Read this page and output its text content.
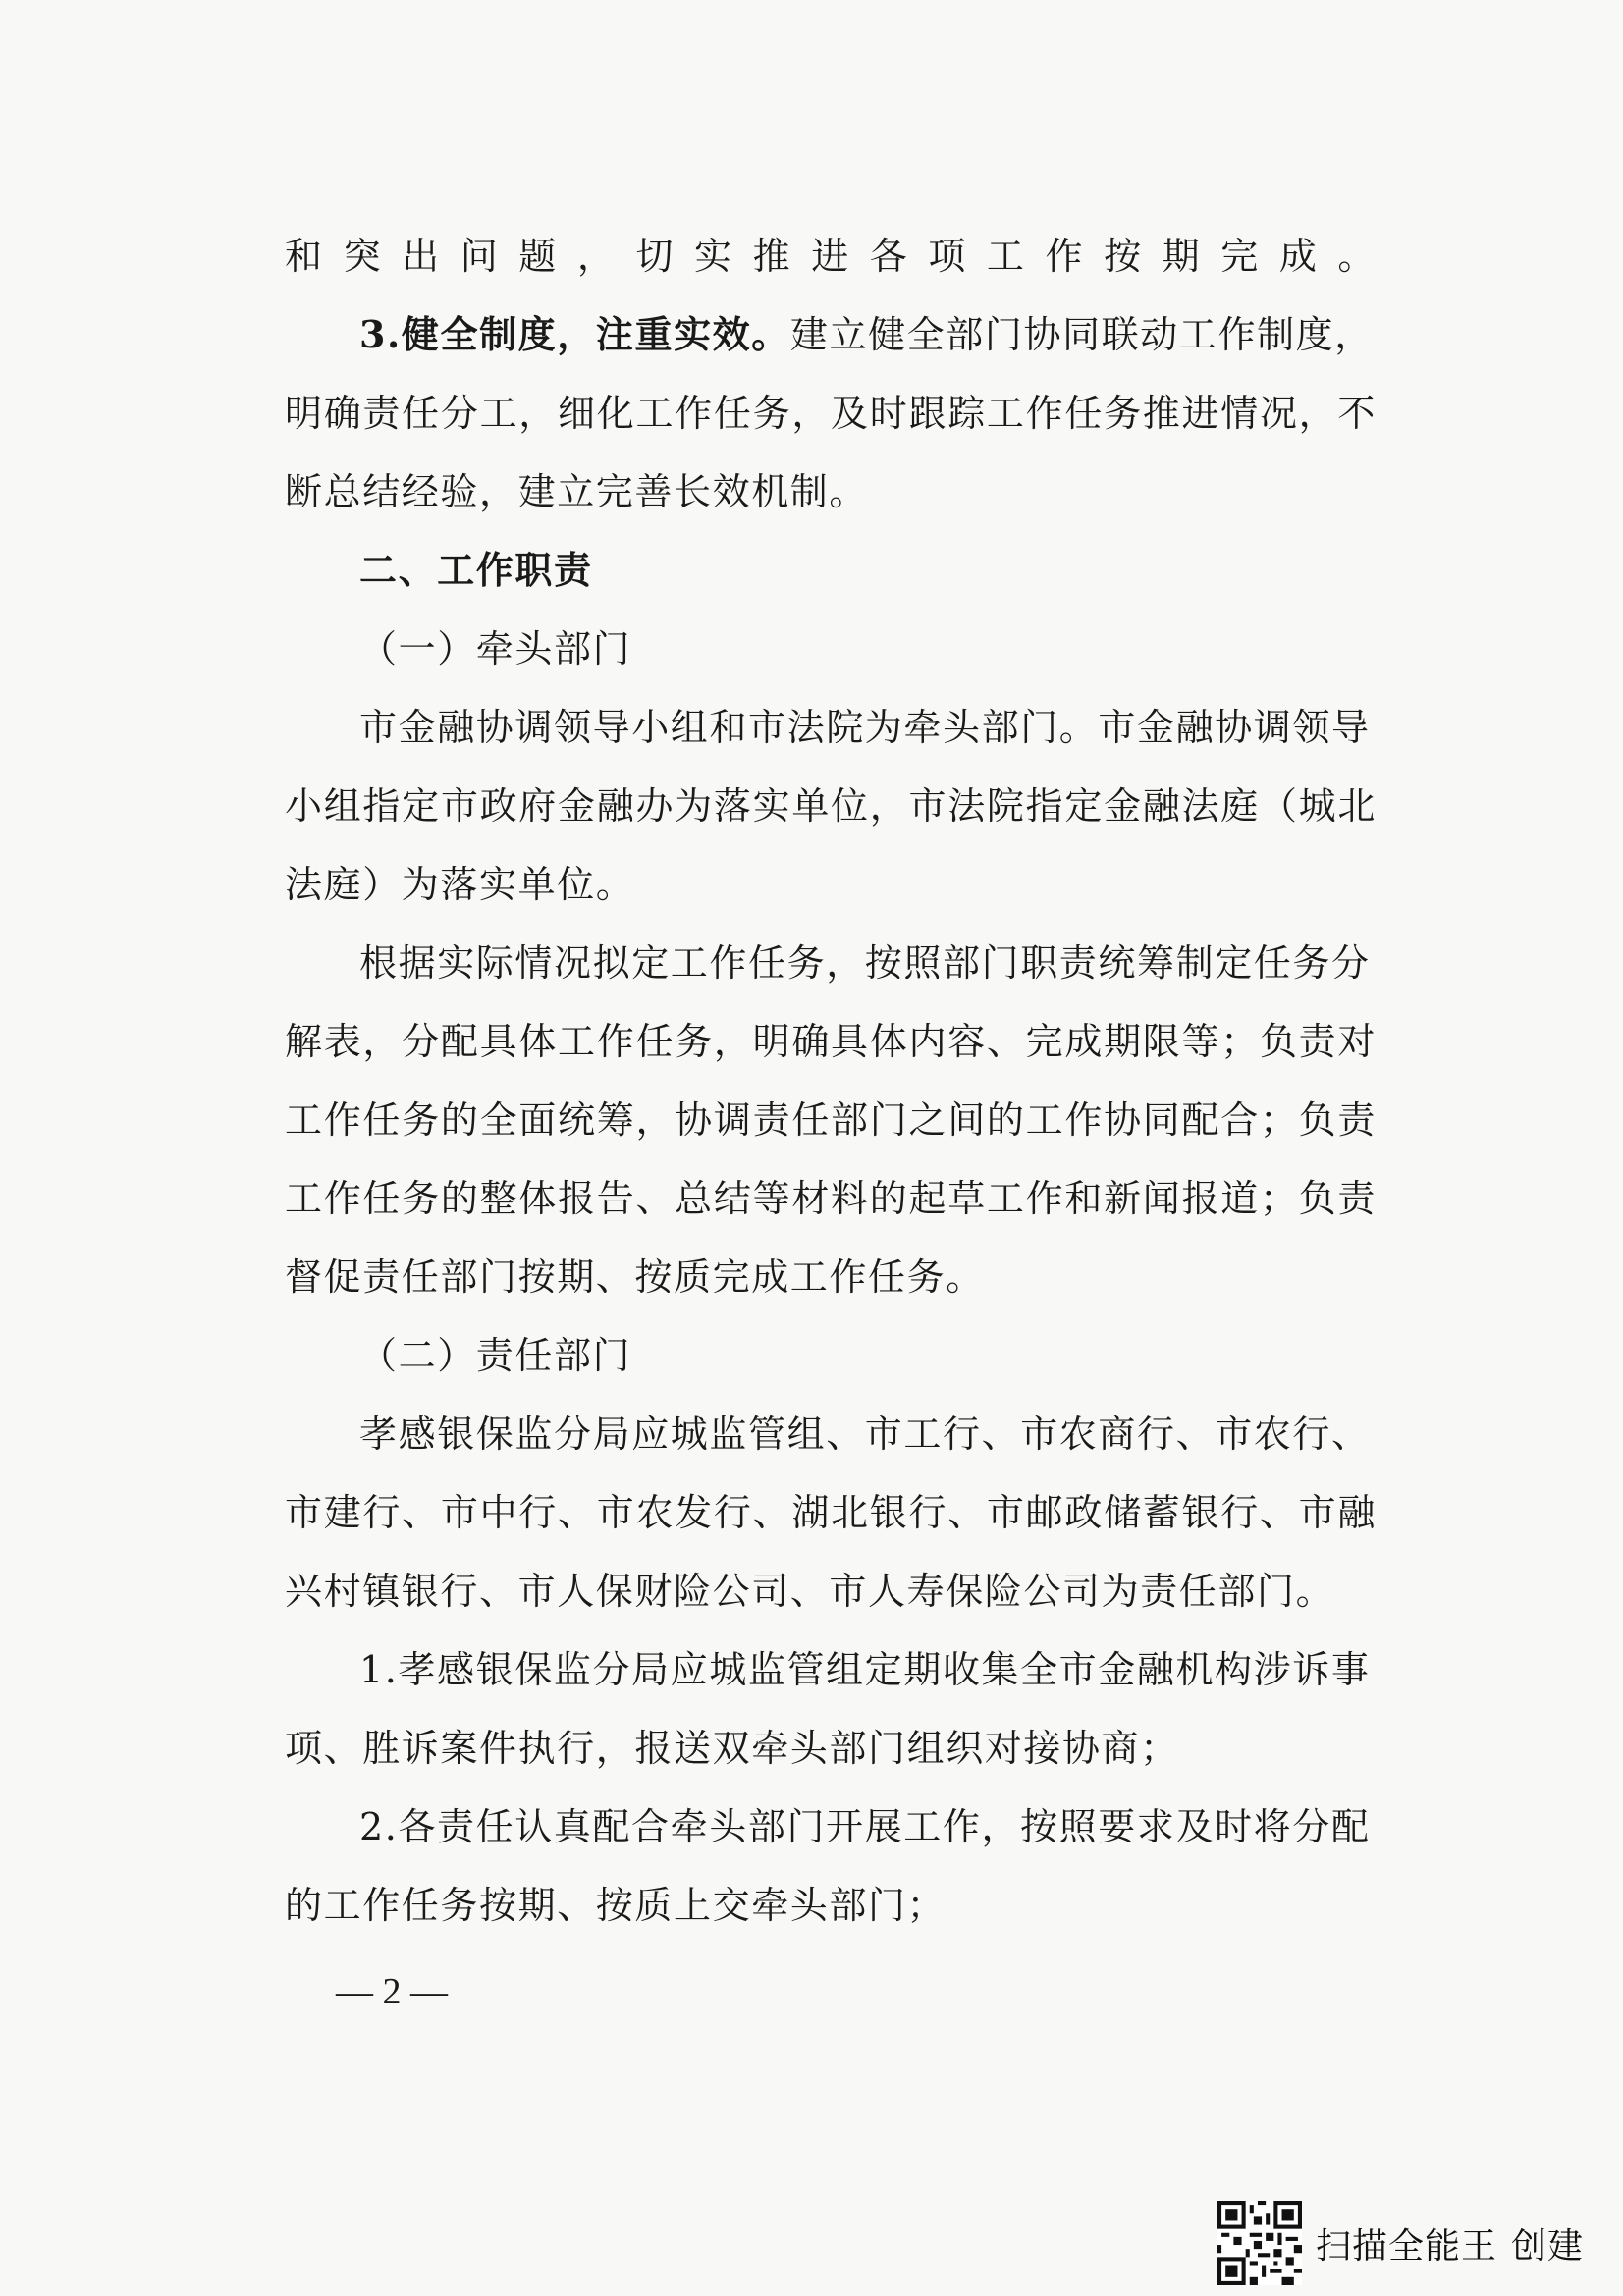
和突出问题，切实推进各项工作按期完成。
3.健全制度，注重实效。建立健全部门协同联动工作制度，
明确责任分工，细化工作任务，及时跟踪工作任务推进情况，不
断总结经验，建立完善长效机制。
二、工作职责
（一）牵头部门
市金融协调领导小组和市法院为牵头部门。市金融协调领导
小组指定市政府金融办为落实单位，市法院指定金融法庭（城北
法庭）为落实单位。
根据实际情况拟定工作任务，按照部门职责统筹制定任务分
解表，分配具体工作任务，明确具体内容、完成期限等；负责对
工作任务的全面统筹，协调责任部门之间的工作协同配合；负责
工作任务的整体报告、总结等材料的起草工作和新闻报道；负责
督促责任部门按期、按质完成工作任务。
（二）责任部门
孝感银保监分局应城监管组、市工行、市农商行、市农行、
市建行、市中行、市农发行、湖北银行、市邮政储蓄银行、市融
兴村镇银行、市人保财险公司、市人寿保险公司为责任部门。
1.孝感银保监分局应城监管组定期收集全市金融机构涉诉事
项、胜诉案件执行，报送双牵头部门组织对接协商；
2.各责任认真配合牵头部门开展工作，按照要求及时将分配
的工作任务按期、按质上交牵头部门；
— 2 —
扫描全能王 创建
